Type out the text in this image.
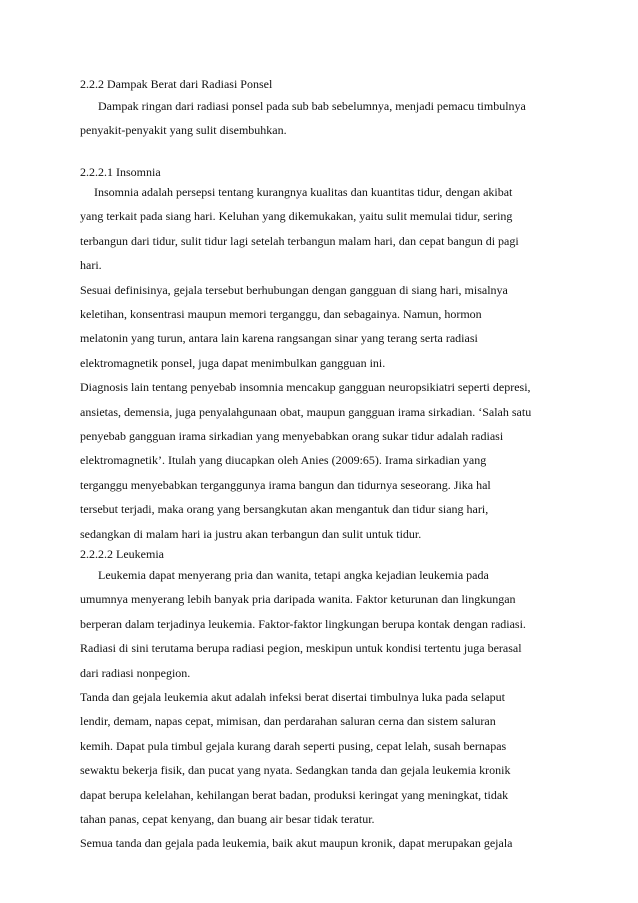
2.2.2 Dampak Berat dari Radiasi Ponsel
Dampak ringan dari radiasi ponsel pada sub bab sebelumnya, menjadi pemacu timbulnya
penyakit-penyakit yang sulit disembuhkan.
2.2.2.1 Insomnia
Insomnia adalah persepsi tentang kurangnya kualitas dan kuantitas tidur, dengan akibat
yang terkait pada siang hari. Keluhan yang dikemukakan, yaitu sulit memulai tidur, sering
terbangun dari tidur, sulit tidur lagi setelah terbangun malam hari, dan cepat bangun di pagi
hari.
Sesuai definisinya, gejala tersebut berhubungan dengan gangguan di siang hari, misalnya
keletihan, konsentrasi maupun memori terganggu, dan sebagainya. Namun, hormon
melatonin yang turun, antara lain karena rangsangan sinar yang terang serta radiasi
elektromagnetik ponsel, juga dapat menimbulkan gangguan ini.
Diagnosis lain tentang penyebab insomnia mencakup gangguan neuropsikiatri seperti depresi,
ansietas, demensia, juga penyalahgunaan obat, maupun gangguan irama sirkadian. ‘Salah satu
penyebab gangguan irama sirkadian yang menyebabkan orang sukar tidur adalah radiasi
elektromagnetik’. Itulah yang diucapkan oleh Anies (2009:65). Irama sirkadian yang
terganggu menyebabkan terganggunya irama bangun dan tidurnya seseorang. Jika hal
tersebut terjadi, maka orang yang bersangkutan akan mengantuk dan tidur siang hari,
sedangkan di malam hari ia justru akan terbangun dan sulit untuk tidur.
2.2.2.2 Leukemia
Leukemia dapat menyerang pria dan wanita, tetapi angka kejadian leukemia pada
umumnya menyerang lebih banyak pria daripada wanita. Faktor keturunan dan lingkungan
berperan dalam terjadinya leukemia. Faktor-faktor lingkungan berupa kontak dengan radiasi.
Radiasi di sini terutama berupa radiasi pegion, meskipun untuk kondisi tertentu juga berasal
dari radiasi nonpegion.
Tanda dan gejala leukemia akut adalah infeksi berat disertai timbulnya luka pada selaput
lendir, demam, napas cepat, mimisan, dan perdarahan saluran cerna dan sistem saluran
kemih. Dapat pula timbul gejala kurang darah seperti pusing, cepat lelah, susah bernapas
sewaktu bekerja fisik, dan pucat yang nyata. Sedangkan tanda dan gejala leukemia kronik
dapat berupa kelelahan, kehilangan berat badan, produksi keringat yang meningkat, tidak
tahan panas, cepat kenyang, dan buang air besar tidak teratur.
Semua tanda dan gejala pada leukemia, baik akut maupun kronik, dapat merupakan gejala
